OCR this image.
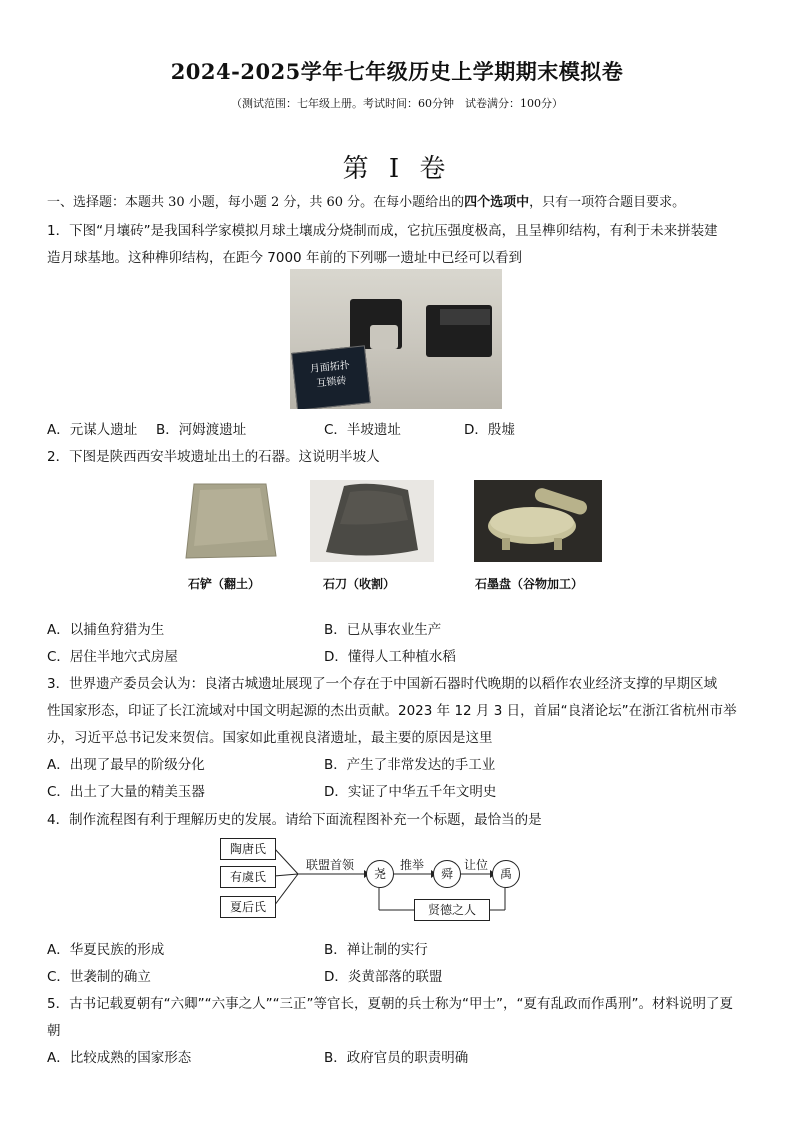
2024-2025学年七年级历史上学期期末模拟卷
（测试范围：七年级上册。考试时间：60分钟　试卷满分：100分）
第 I 卷
一、选择题：本题共 30 小题，每小题 2 分，共 60 分。在每小题给出的四个选项中，只有一项符合题目要求。
1．下图“月壤砖”是我国科学家模拟月球土壤成分烧制而成，它抗压强度极高，且呈榫卯结构，有利于未来拼装建
造月球基地。这种榫卯结构，在距今 7000 年前的下列哪一遗址中已经可以看到
月面拓扑
互锁砖
A．元谋人遗址 B．河姆渡遗址	C．半坡遗址	D．殷墟
2．下图是陕西西安半坡遗址出土的石器。这说明半坡人
石铲（翻土）	石刀（收割）	石墨盘（谷物加工）
A．以捕鱼狩猎为生	B．已从事农业生产
C．居住半地穴式房屋	D．懂得人工种植水稻
3．世界遗产委员会认为：良渚古城遗址展现了一个存在于中国新石器时代晚期的以稻作农业经济支撑的早期区域
性国家形态，印证了长江流域对中国文明起源的杰出贡献。2023 年 12 月 3 日，首届“良渚论坛”在浙江省杭州市举
办，习近平总书记发来贺信。国家如此重视良渚遗址，最主要的原因是这里
A．出现了最早的阶级分化	B．产生了非常发达的手工业
C．出土了大量的精美玉器	D．实证了中华五千年文明史
4．制作流程图有利于理解历史的发展。请给下面流程图补充一个标题，最恰当的是
陶唐氏
有虞氏
夏后氏
联盟首领
尧
推举
舜
让位
禹
贤德之人
A．华夏民族的形成	B．禅让制的实行
C．世袭制的确立	D．炎黄部落的联盟
5．古书记载夏朝有“六卿”“六事之人”“三正”等官长，夏朝的兵士称为“甲士”，“夏有乱政而作禹刑”。材料说明了夏
朝
A．比较成熟的国家形态	B．政府官员的职责明确
